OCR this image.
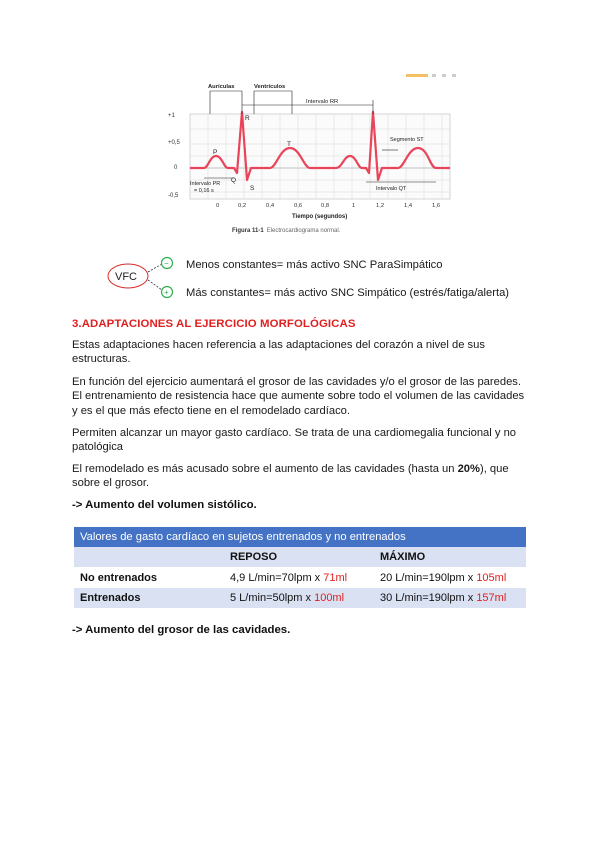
+1
+0,5
0
-0,5
P
Q
R
S
T
Aurículas	Ventrículos
Intervalo RR
Segmento ST
Intervalo PR
= 0,16 s	Intervalo QT
0	0,2	0,4	0,6	0,8	1	1,2	1,4	1,6
Tiempo (segundos)
Figura 11-1 Electrocardiograma normal.
VFC
−
+
Menos constantes= más activo SNC ParaSimpático
Más constantes= más activo SNC Simpático (estrés/fatiga/alerta)
3.ADAPTACIONES AL EJERCICIO MORFOLÓGICAS
Estas adaptaciones hacen referencia a las adaptaciones del corazón a nivel de sus estructuras.
En función del ejercicio aumentará el grosor de las cavidades y/o el grosor de las paredes. El entrenamiento de resistencia hace que aumente sobre todo el volumen de las cavidades y es el que más efecto tiene en el remodelado cardíaco.
Permiten alcanzar un mayor gasto cardíaco. Se trata de una cardiomegalia funcional y no patológica
El remodelado es más acusado sobre el aumento de las cavidades (hasta un 20%), que sobre el grosor.
-> Aumento del volumen sistólico.
Valores de gasto cardíaco en sujetos entrenados y no entrenados		
	REPOSO	MÁXIMO
No entrenados	4,9 L/min=70lpm x 71ml	20 L/min=190lpm x 105ml
Entrenados	5 L/min=50lpm x 100ml	30 L/min=190lpm x 157ml
-> Aumento del grosor de las cavidades.
